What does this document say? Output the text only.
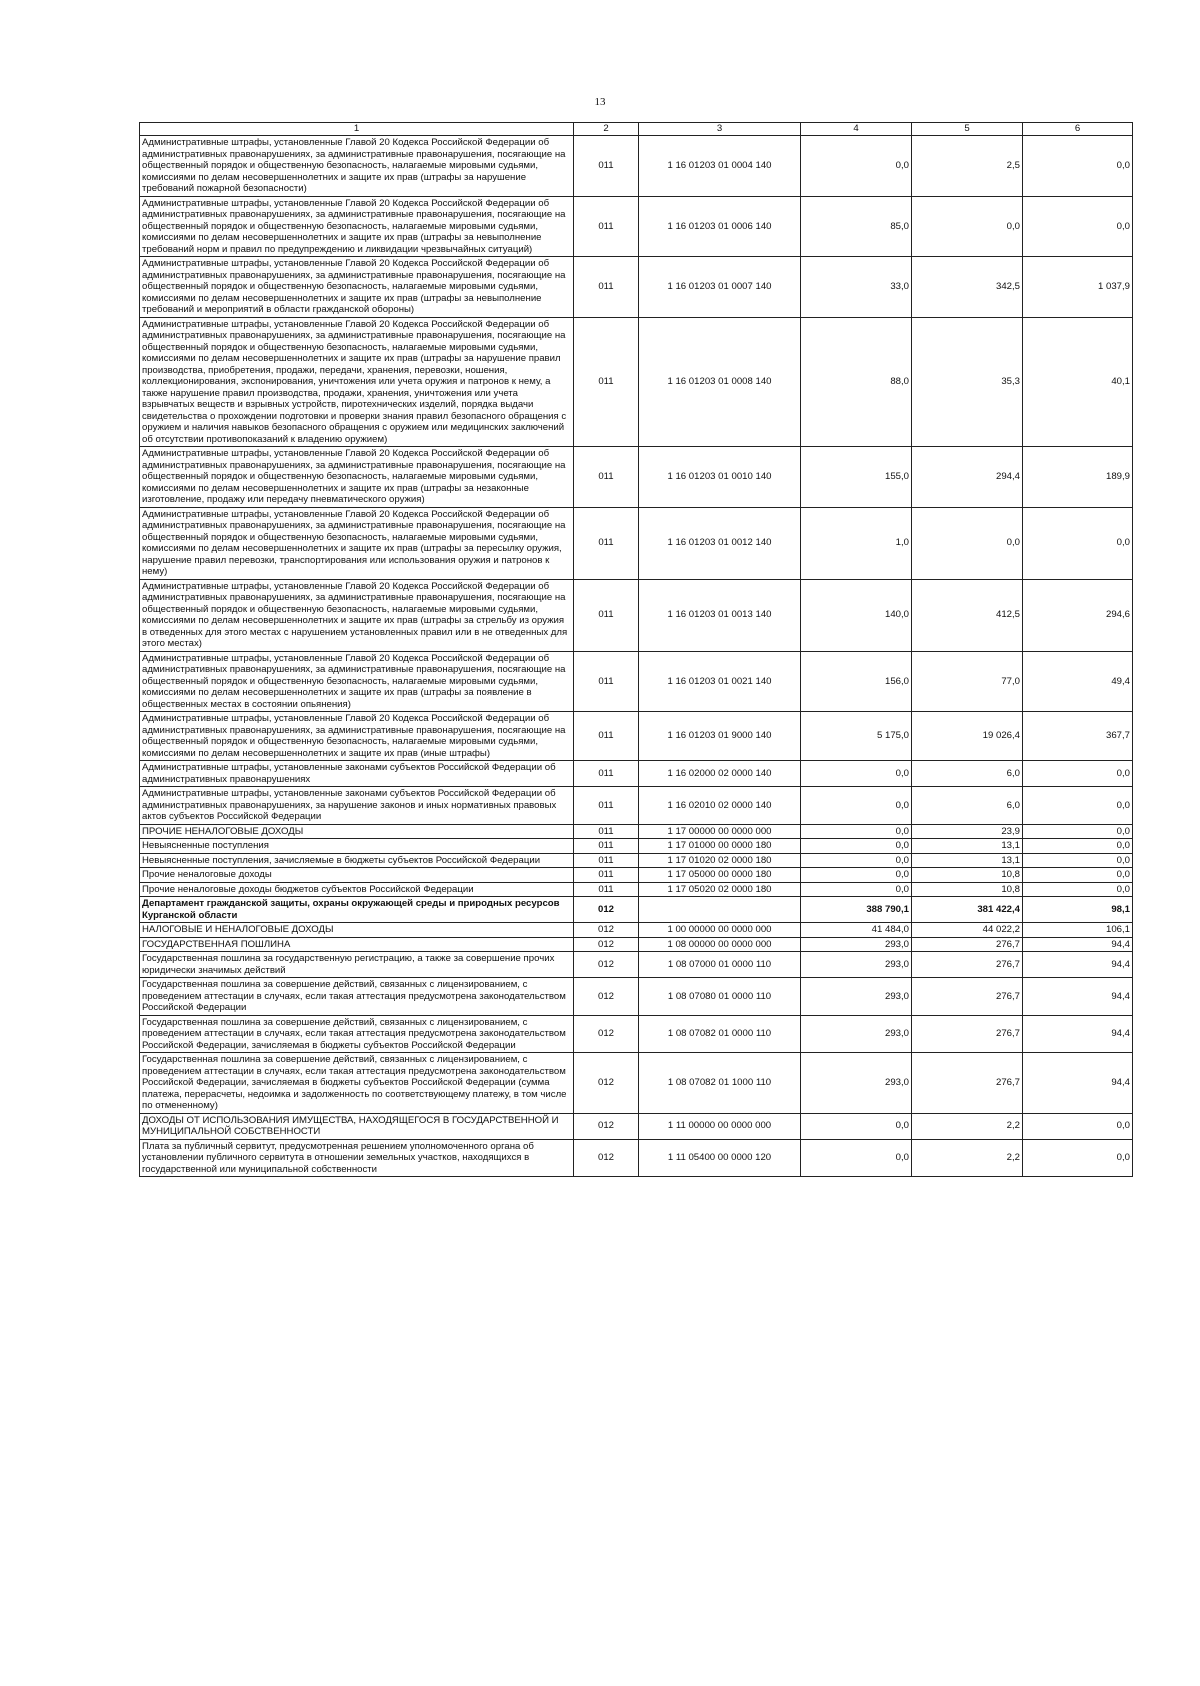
13
1	2	3	4	5	6
Административные штрафы, установленные Главой 20 Кодекса Российской Федерации об административных правонарушениях, за административные правонарушения, посягающие на общественный порядок и общественную безопасность, налагаемые мировыми судьями, комиссиями по делам несовершеннолетних и защите их прав (штрафы за нарушение требований пожарной безопасности)	011	1 16 01203 01 0004 140	0,0	2,5	0,0
Административные штрафы, установленные Главой 20 Кодекса Российской Федерации об административных правонарушениях, за административные правонарушения, посягающие на общественный порядок и общественную безопасность, налагаемые мировыми судьями, комиссиями по делам несовершеннолетних и защите их прав (штрафы за невыполнение требований норм и правил по предупреждению и ликвидации чрезвычайных ситуаций)	011	1 16 01203 01 0006 140	85,0	0,0	0,0
Административные штрафы, установленные Главой 20 Кодекса Российской Федерации об административных правонарушениях, за административные правонарушения, посягающие на общественный порядок и общественную безопасность, налагаемые мировыми судьями, комиссиями по делам несовершеннолетних и защите их прав (штрафы за невыполнение требований и мероприятий в области гражданской обороны)	011	1 16 01203 01 0007 140	33,0	342,5	1 037,9
Административные штрафы, установленные Главой 20 Кодекса Российской Федерации об административных правонарушениях, за административные правонарушения, посягающие на общественный порядок и общественную безопасность, налагаемые мировыми судьями, комиссиями по делам несовершеннолетних и защите их прав (штрафы за нарушение правил производства, приобретения, продажи, передачи, хранения, перевозки, ношения, коллекционирования, экспонирования, уничтожения или учета оружия и патронов к нему, а также нарушение правил производства, продажи, хранения, уничтожения или учета взрывчатых веществ и взрывных устройств, пиротехнических изделий, порядка выдачи свидетельства о прохождении подготовки и проверки знания правил безопасного обращения с оружием и наличия навыков безопасного обращения с оружием или медицинских заключений об отсутствии противопоказаний к владению оружием)	011	1 16 01203 01 0008 140	88,0	35,3	40,1
Административные штрафы, установленные Главой 20 Кодекса Российской Федерации об административных правонарушениях, за административные правонарушения, посягающие на общественный порядок и общественную безопасность, налагаемые мировыми судьями, комиссиями по делам несовершеннолетних и защите их прав (штрафы за незаконные изготовление, продажу или передачу пневматического оружия)	011	1 16 01203 01 0010 140	155,0	294,4	189,9
Административные штрафы, установленные Главой 20 Кодекса Российской Федерации об административных правонарушениях, за административные правонарушения, посягающие на общественный порядок и общественную безопасность, налагаемые мировыми судьями, комиссиями по делам несовершеннолетних и защите их прав (штрафы за пересылку оружия, нарушение правил перевозки, транспортирования или использования оружия и патронов к нему)	011	1 16 01203 01 0012 140	1,0	0,0	0,0
Административные штрафы, установленные Главой 20 Кодекса Российской Федерации об административных правонарушениях, за административные правонарушения, посягающие на общественный порядок и общественную безопасность, налагаемые мировыми судьями, комиссиями по делам несовершеннолетних и защите их прав (штрафы за стрельбу из оружия в отведенных для этого местах с нарушением установленных правил или в не отведенных для этого местах)	011	1 16 01203 01 0013 140	140,0	412,5	294,6
Административные штрафы, установленные Главой 20 Кодекса Российской Федерации об административных правонарушениях, за административные правонарушения, посягающие на общественный порядок и общественную безопасность, налагаемые мировыми судьями, комиссиями по делам несовершеннолетних и защите их прав (штрафы за появление в общественных местах в состоянии опьянения)	011	1 16 01203 01 0021 140	156,0	77,0	49,4
Административные штрафы, установленные Главой 20 Кодекса Российской Федерации об административных правонарушениях, за административные правонарушения, посягающие на общественный порядок и общественную безопасность, налагаемые мировыми судьями, комиссиями по делам несовершеннолетних и защите их прав (иные штрафы)	011	1 16 01203 01 9000 140	5 175,0	19 026,4	367,7
Административные штрафы, установленные законами субъектов Российской Федерации об административных правонарушениях	011	1 16 02000 02 0000 140	0,0	6,0	0,0
Административные штрафы, установленные законами субъектов Российской Федерации об административных правонарушениях, за нарушение законов и иных нормативных правовых актов субъектов Российской Федерации	011	1 16 02010 02 0000 140	0,0	6,0	0,0
ПРОЧИЕ НЕНАЛОГОВЫЕ ДОХОДЫ	011	1 17 00000 00 0000 000	0,0	23,9	0,0
Невыясненные поступления	011	1 17 01000 00 0000 180	0,0	13,1	0,0
Невыясненные поступления, зачисляемые в бюджеты субъектов Российской Федерации	011	1 17 01020 02 0000 180	0,0	13,1	0,0
Прочие неналоговые доходы	011	1 17 05000 00 0000 180	0,0	10,8	0,0
Прочие неналоговые доходы бюджетов субъектов Российской Федерации	011	1 17 05020 02 0000 180	0,0	10,8	0,0
Департамент гражданской защиты, охраны окружающей среды и природных ресурсов Курганской области	012		388 790,1	381 422,4	98,1
НАЛОГОВЫЕ И НЕНАЛОГОВЫЕ ДОХОДЫ	012	1 00 00000 00 0000 000	41 484,0	44 022,2	106,1
ГОСУДАРСТВЕННАЯ ПОШЛИНА	012	1 08 00000 00 0000 000	293,0	276,7	94,4
Государственная пошлина за государственную регистрацию, а также за совершение прочих юридически значимых действий	012	1 08 07000 01 0000 110	293,0	276,7	94,4
Государственная пошлина за совершение действий, связанных с лицензированием, с проведением аттестации в случаях, если такая аттестация предусмотрена законодательством Российской Федерации	012	1 08 07080 01 0000 110	293,0	276,7	94,4
Государственная пошлина за совершение действий, связанных с лицензированием, с проведением аттестации в случаях, если такая аттестация предусмотрена законодательством Российской Федерации, зачисляемая в бюджеты субъектов Российской Федерации	012	1 08 07082 01 0000 110	293,0	276,7	94,4
Государственная пошлина за совершение действий, связанных с лицензированием, с проведением аттестации в случаях, если такая аттестация предусмотрена законодательством Российской Федерации, зачисляемая в бюджеты субъектов Российской Федерации (сумма платежа, перерасчеты, недоимка и задолженность по соответствующему платежу, в том числе по отмененному)	012	1 08 07082 01 1000 110	293,0	276,7	94,4
ДОХОДЫ ОТ ИСПОЛЬЗОВАНИЯ ИМУЩЕСТВА, НАХОДЯЩЕГОСЯ В ГОСУДАРСТВЕННОЙ И МУНИЦИПАЛЬНОЙ СОБСТВЕННОСТИ	012	1 11 00000 00 0000 000	0,0	2,2	0,0
Плата за публичный сервитут, предусмотренная решением уполномоченного органа об установлении публичного сервитута в отношении земельных участков, находящихся в государственной или муниципальной собственности	012	1 11 05400 00 0000 120	0,0	2,2	0,0
